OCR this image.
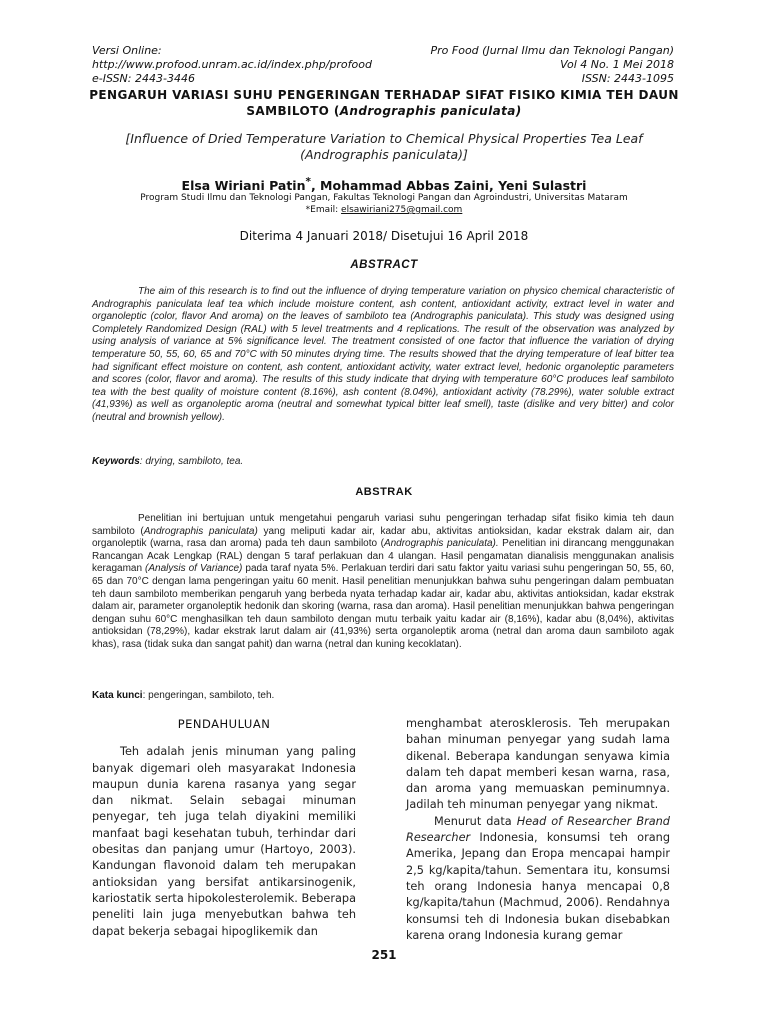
Versi Online:	Pro Food (Jurnal Ilmu dan Teknologi Pangan)
http://www.profood.unram.ac.id/index.php/profood	Vol 4 No. 1 Mei 2018
e-ISSN: 2443-3446	ISSN: 2443-1095
PENGARUH VARIASI SUHU PENGERINGAN TERHADAP SIFAT FISIKO KIMIA TEH DAUN SAMBILOTO (Andrographis paniculata)
[Influence of Dried Temperature Variation to Chemical Physical Properties Tea Leaf (Andrographis paniculata)]
Elsa Wiriani Patin*, Mohammad Abbas Zaini, Yeni Sulastri
Program Studi Ilmu dan Teknologi Pangan, Fakultas Teknologi Pangan dan Agroindustri, Universitas Mataram
*Email: elsawiriani275@gmail.com
Diterima 4 Januari 2018/ Disetujui 16 April 2018
ABSTRACT
The aim of this research is to find out the influence of drying temperature variation on physico chemical characteristic of Andrographis paniculata leaf tea which include moisture content, ash content, antioxidant activity, extract level in water and organoleptic (color, flavor And aroma) on the leaves of sambiloto tea (Andrographis paniculata). This study was designed using Completely Randomized Design (RAL) with 5 level treatments and 4 replications. The result of the observation was analyzed by using analysis of variance at 5% significance level. The treatment consisted of one factor that influence the variation of drying temperature 50, 55, 60, 65 and 70°C with 50 minutes drying time. The results showed that the drying temperature of leaf bitter tea had significant effect moisture on content, ash content, antioxidant activity, water extract level, hedonic organoleptic parameters and scores (color, flavor and aroma). The results of this study indicate that drying with temperature 60°C produces leaf sambiloto tea with the best quality of moisture content (8.16%), ash content (8.04%), antioxidant activity (78.29%), water soluble extract (41,93%) as well as organoleptic aroma (neutral and somewhat typical bitter leaf smell), taste (dislike and very bitter) and color (neutral and brownish yellow).
Keywords: drying, sambiloto, tea.
ABSTRAK
Penelitian ini bertujuan untuk mengetahui pengaruh variasi suhu pengeringan terhadap sifat fisiko kimia teh daun sambiloto (Andrographis paniculata) yang meliputi kadar air, kadar abu, aktivitas antioksidan, kadar ekstrak dalam air, dan organoleptik (warna, rasa dan aroma) pada teh daun sambiloto (Andrographis paniculata). Penelitian ini dirancang menggunakan Rancangan Acak Lengkap (RAL) dengan 5 taraf perlakuan dan 4 ulangan. Hasil pengamatan dianalisis menggunakan analisis keragaman (Analysis of Variance) pada taraf nyata 5%. Perlakuan terdiri dari satu faktor yaitu variasi suhu pengeringan 50, 55, 60, 65 dan 70°C dengan lama pengeringan yaitu 60 menit. Hasil penelitian menunjukkan bahwa suhu pengeringan dalam pembuatan teh daun sambiloto memberikan pengaruh yang berbeda nyata terhadap kadar air, kadar abu, aktivitas antioksidan, kadar ekstrak dalam air, parameter organoleptik hedonik dan skoring (warna, rasa dan aroma). Hasil penelitian menunjukkan bahwa pengeringan dengan suhu 60°C menghasilkan teh daun sambiloto dengan mutu terbaik yaitu kadar air (8,16%), kadar abu (8,04%), aktivitas antioksidan (78,29%), kadar ekstrak larut dalam air (41,93%) serta organoleptik aroma (netral dan aroma daun sambiloto agak khas), rasa (tidak suka dan sangat pahit) dan warna (netral dan kuning kecoklatan).
Kata kunci: pengeringan, sambiloto, teh.
PENDAHULUAN

Teh adalah jenis minuman yang paling banyak digemari oleh masyarakat Indonesia maupun dunia karena rasanya yang segar dan nikmat. Selain sebagai minuman penyegar, teh juga telah diyakini memiliki manfaat bagi kesehatan tubuh, terhindar dari obesitas dan panjang umur (Hartoyo, 2003). Kandungan flavonoid dalam teh merupakan antioksidan yang bersifat antikarsinogenik, kariostatik serta hipokolesterolemik. Beberapa peneliti lain juga menyebutkan bahwa teh dapat bekerja sebagai hipoglikemik dan

menghambat aterosklerosis. Teh merupakan bahan minuman penyegar yang sudah lama dikenal. Beberapa kandungan senyawa kimia dalam teh dapat memberi kesan warna, rasa, dan aroma yang memuaskan peminumnya. Jadilah teh minuman penyegar yang nikmat.

Menurut data Head of Researcher Brand Researcher Indonesia, konsumsi teh orang Amerika, Jepang dan Eropa mencapai hampir 2,5 kg/kapita/tahun. Sementara itu, konsumsi teh orang Indonesia hanya mencapai 0,8 kg/kapita/tahun (Machmud, 2006). Rendahnya konsumsi teh di Indonesia bukan disebabkan karena orang Indonesia kurang gemar

251
